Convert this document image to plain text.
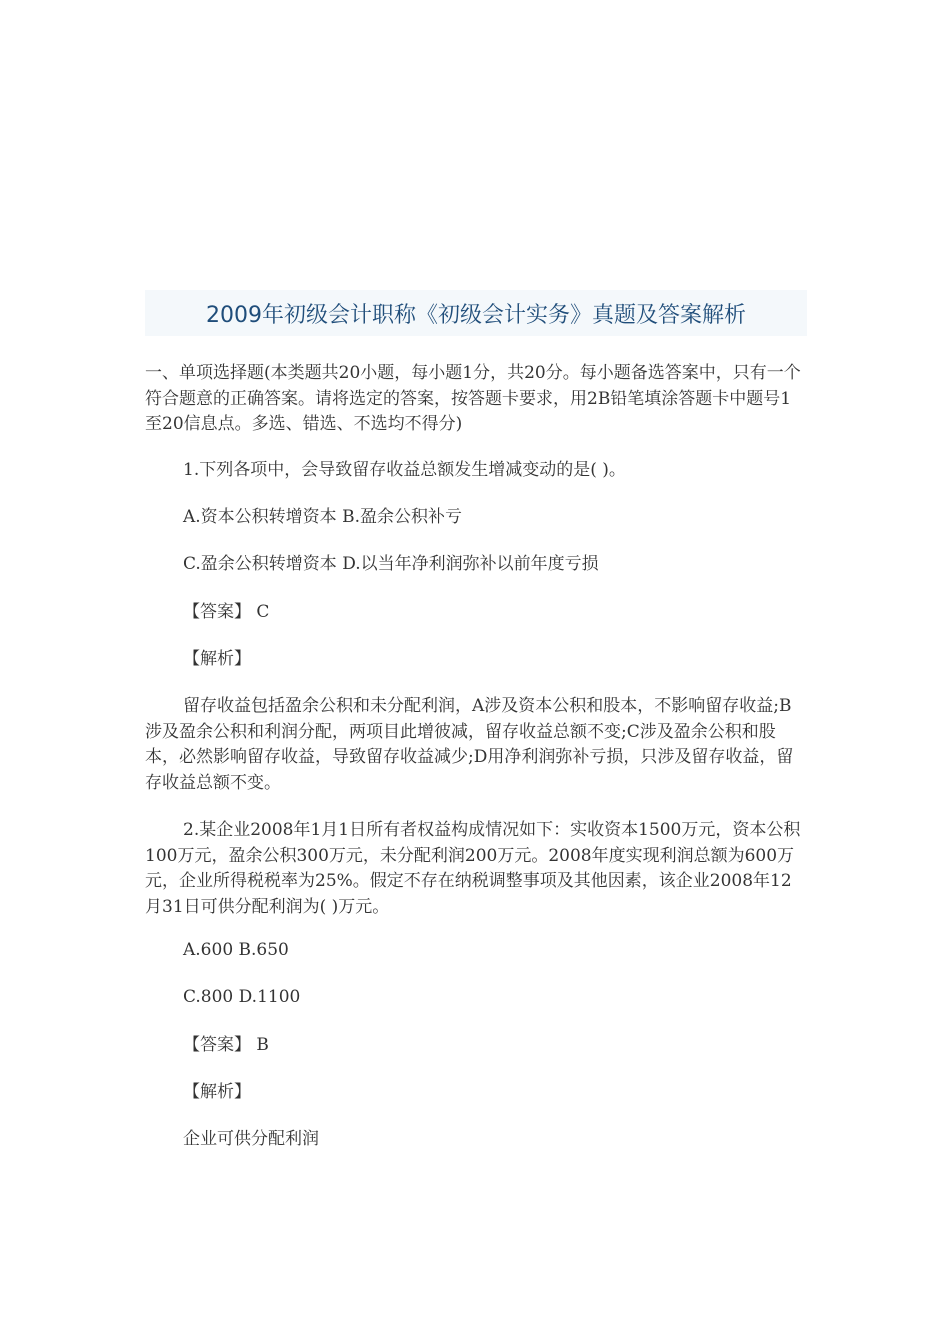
2009年初级会计职称《初级会计实务》真题及答案解析
一、单项选择题(本类题共20小题，每小题1分，共20分。每小题备选答案中，只有一个符合题意的正确答案。请将选定的答案，按答题卡要求，用2B铅笔填涂答题卡中题号1至20信息点。多选、错选、不选均不得分)
1.下列各项中，会导致留存收益总额发生增减变动的是( )。
A.资本公积转增资本 B.盈余公积补亏
C.盈余公积转增资本 D.以当年净利润弥补以前年度亏损
【答案】 C
【解析】
留存收益包括盈余公积和未分配利润，A涉及资本公积和股本，不影响留存收益;B涉及盈余公积和利润分配，两项目此增彼减，留存收益总额不变;C涉及盈余公积和股本，必然影响留存收益，导致留存收益减少;D用净利润弥补亏损，只涉及留存收益，留存收益总额不变。
2.某企业2008年1月1日所有者权益构成情况如下：实收资本1500万元，资本公积100万元，盈余公积300万元，未分配利润200万元。2008年度实现利润总额为600万元，企业所得税税率为25%。假定不存在纳税调整事项及其他因素，该企业2008年12月31日可供分配利润为( )万元。
A.600 B.650
C.800 D.1100
【答案】 B
【解析】
企业可供分配利润
